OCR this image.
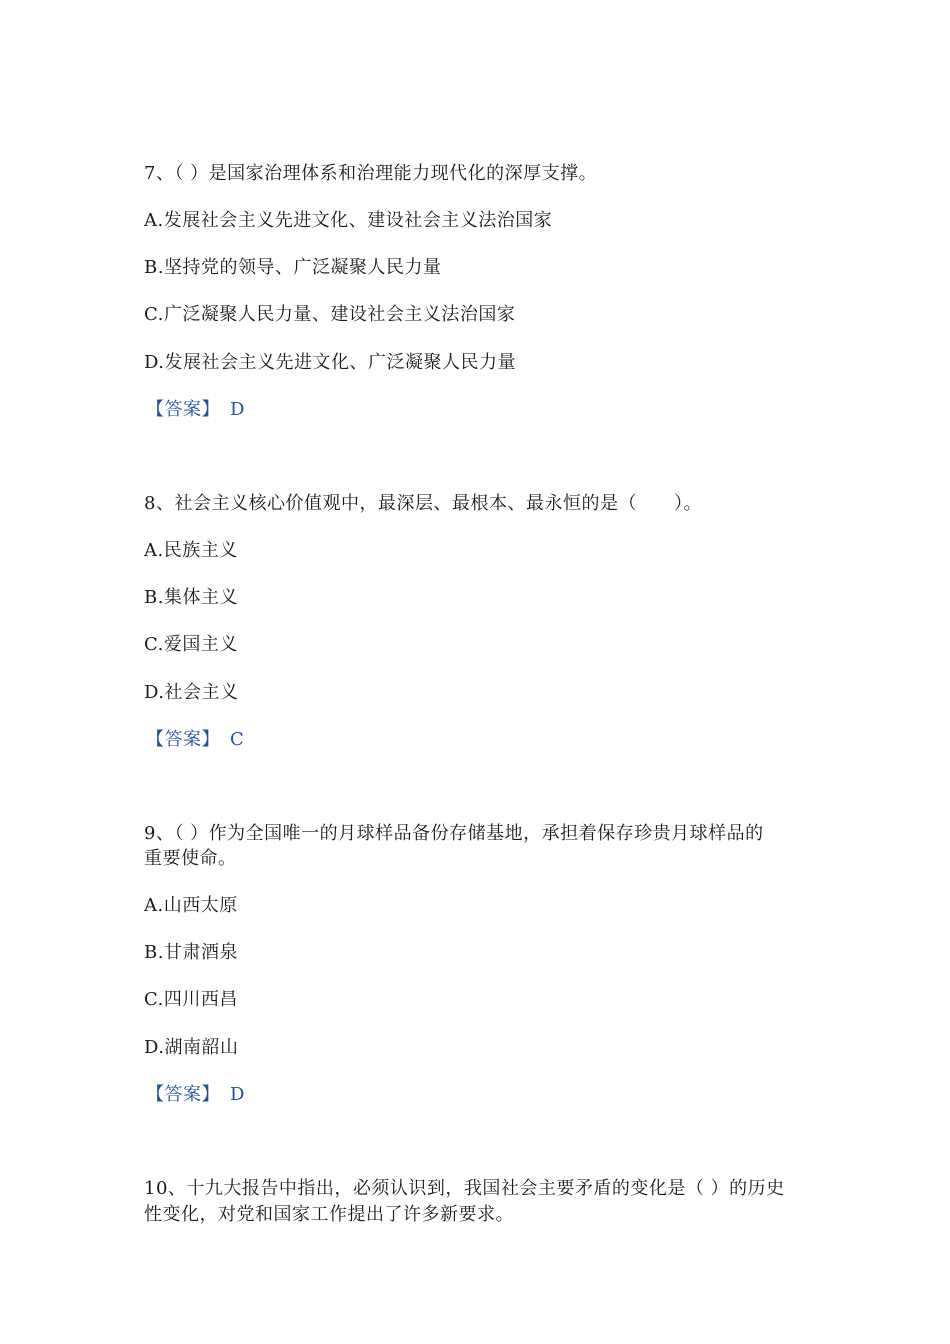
7、（ ）是国家治理体系和治理能力现代化的深厚支撑。
A.发展社会主义先进文化、建设社会主义法治国家
B.坚持党的领导、广泛凝聚人民力量
C.广泛凝聚人民力量、建设社会主义法治国家
D.发展社会主义先进文化、广泛凝聚人民力量
【答案】 D
8、社会主义核心价值观中，最深层、最根本、最永恒的是（　　）。
A.民族主义
B.集体主义
C.爱国主义
D.社会主义
【答案】 C
9、（ ）作为全国唯一的月球样品备份存储基地，承担着保存珍贵月球样品的
重要使命。
A.山西太原
B.甘肃酒泉
C.四川西昌
D.湖南韶山
【答案】 D
10、十九大报告中指出，必须认识到，我国社会主要矛盾的变化是（ ）的历史
性变化，对党和国家工作提出了许多新要求。
